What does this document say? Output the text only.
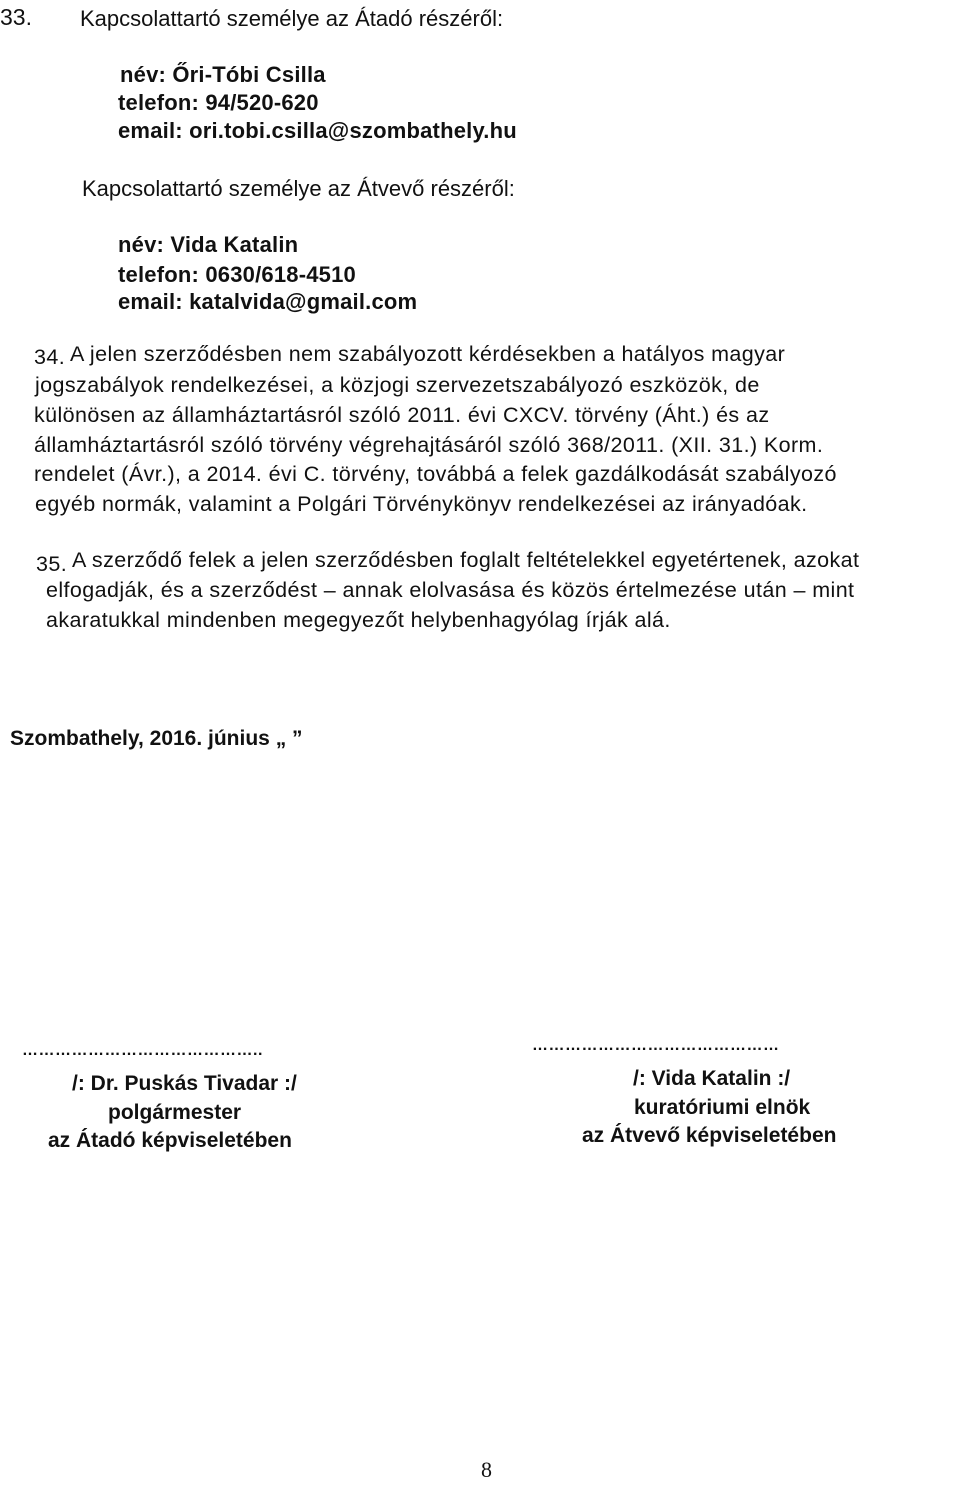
33. Kapcsolattartó személye az Átadó részéről:
név: Őri-Tóbi Csilla
telefon: 94/520-620
email: ori.tobi.csilla@szombathely.hu
Kapcsolattartó személye az Átvevő részéről:
név: Vida Katalin
telefon: 0630/618-4510
email: katalvida@gmail.com
34. A jelen szerződésben nem szabályozott kérdésekben a hatályos magyar
jogszabályok rendelkezései, a közjogi szervezetszabályozó eszközök, de
különösen az államháztartásról szóló 2011. évi CXCV. törvény (Áht.) és az
államháztartásról szóló törvény végrehajtásáról szóló 368/2011. (XII. 31.) Korm.
rendelet (Ávr.), a 2014. évi C. törvény, továbbá a felek gazdálkodását szabályozó
egyéb normák, valamint a Polgári Törvénykönyv rendelkezései az irányadóak.
35. A szerződő felek a jelen szerződésben foglalt feltételekkel egyetértenek, azokat
elfogadják, és a szerződést – annak elolvasása és közös értelmezése után – mint
akaratukkal mindenben megegyezőt helybenhagyólag írják alá.
Szombathely, 2016. június „ ”
……………………………………..
/: Dr. Puskás Tivadar :/
polgármester
az Átadó képviseletében
………………………………………
/: Vida Katalin :/
kuratóriumi elnök
az Átvevő képviseletében
8
